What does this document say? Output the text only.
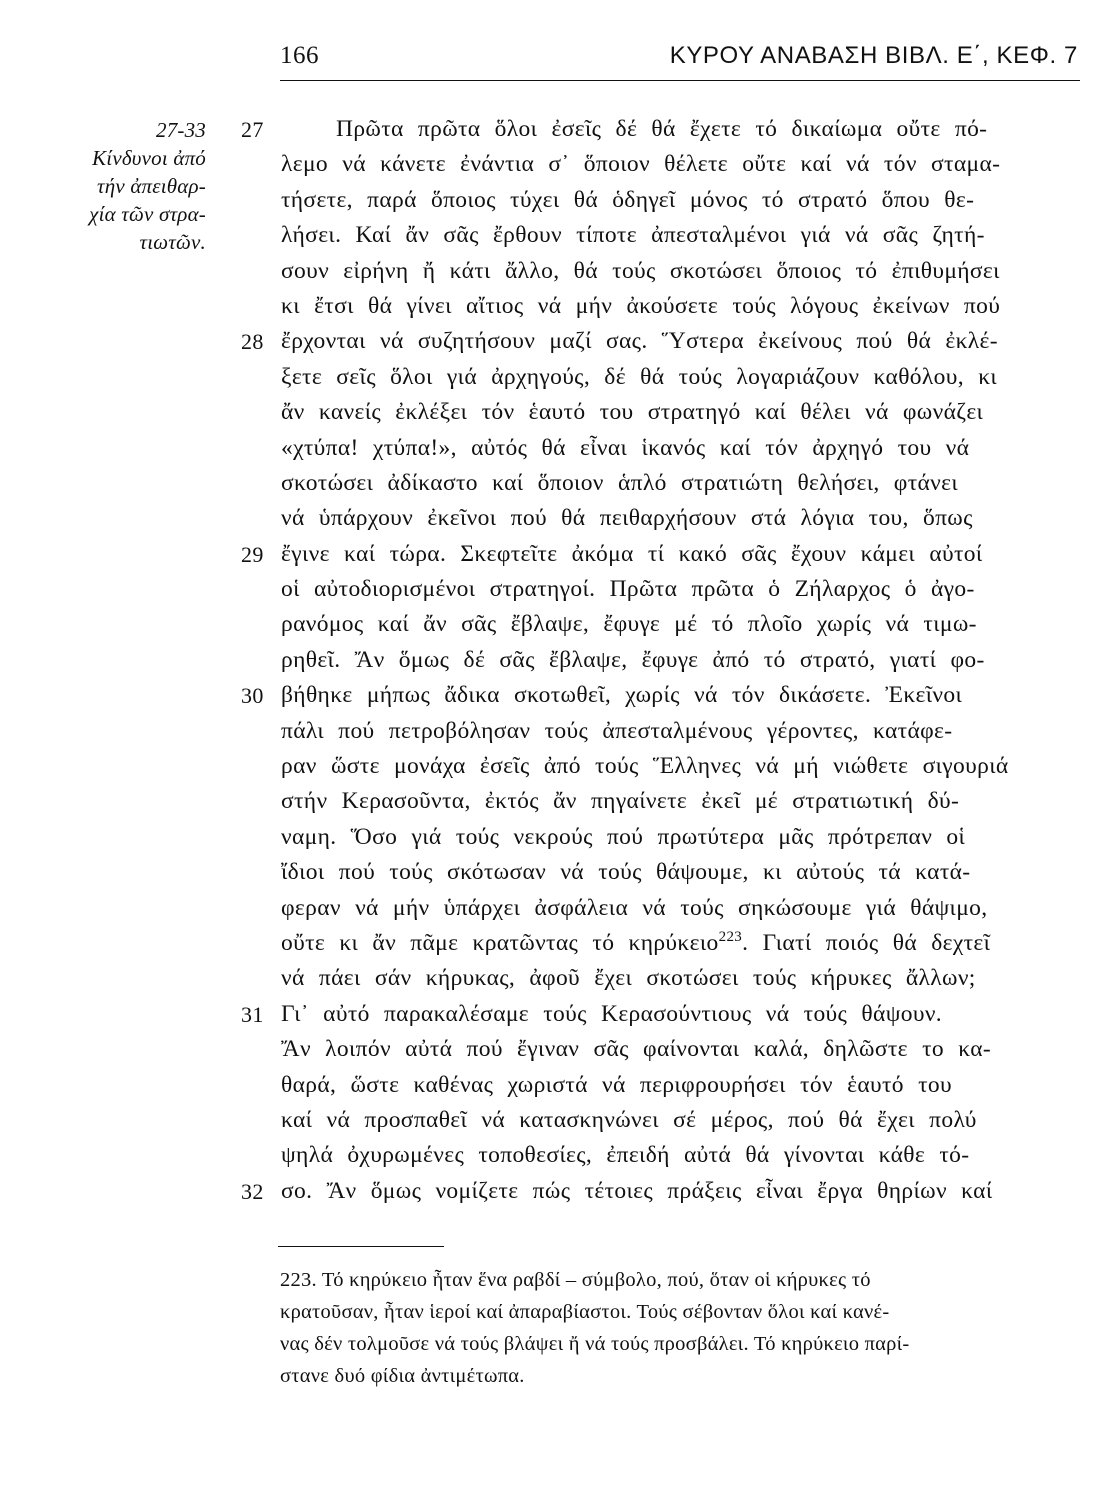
166	ΚΥΡΟΥ ΑΝΑΒΑΣΗ ΒΙΒΛ. Ε΄, ΚΕΦ. 7
27-33
Κίνδυνοι ἀπό
τήν ἀπειθαρ-
χία τῶν στρα-
τιωτῶν.
27	Πρῶτα πρῶτα ὅλοι ἐσεῖς δέ θά ἔχετε τό δικαίωμα οὔτε πό-
λεμο νά κάνετε ἐνάντια σ᾿ ὅποιον θέλετε οὔτε καί νά τόν σταμα-
τήσετε, παρά ὅποιος τύχει θά ὁδηγεῖ μόνος τό στρατό ὅπου θε-
λήσει. Καί ἄν σᾶς ἔρθουν τίποτε ἀπεσταλμένοι γιά νά σᾶς ζητή-
σουν εἰρήνη ἤ κάτι ἄλλο, θά τούς σκοτώσει ὅποιος τό ἐπιθυμήσει
κι ἔτσι θά γίνει αἴτιος νά μήν ἀκούσετε τούς λόγους ἐκείνων πού
28 ἔρχονται νά συζητήσουν μαζί σας. Ὕστερα ἐκείνους πού θά ἐκλέ-
ξετε σεῖς ὅλοι γιά ἀρχηγούς, δέ θά τούς λογαριάζουν καθόλου, κι
ἄν κανείς ἐκλέξει τόν ἑαυτό του στρατηγό καί θέλει νά φωνάζει
«χτύπα! χτύπα!», αὐτός θά εἶναι ἱκανός καί τόν ἀρχηγό του νά
σκοτώσει ἀδίκαστο καί ὅποιον ἁπλό στρατιώτη θελήσει, φτάνει
νά ὑπάρχουν ἐκεῖνοι πού θά πειθαρχήσουν στά λόγια του, ὅπως
29 ἔγινε καί τώρα. Σκεφτεῖτε ἀκόμα τί κακό σᾶς ἔχουν κάμει αὐτοί
οἱ αὐτοδιορισμένοι στρατηγοί. Πρῶτα πρῶτα ὁ Ζήλαρχος ὁ ἀγο-
ρανόμος καί ἄν σᾶς ἔβλαψε, ἔφυγε μέ τό πλοῖο χωρίς νά τιμω-
ρηθεῖ. Ἄν ὅμως δέ σᾶς ἔβλαψε, ἔφυγε ἀπό τό στρατό, γιατί φο-
30 βήθηκε μήπως ἄδικα σκοτωθεῖ, χωρίς νά τόν δικάσετε. Ἐκεῖνοι
πάλι πού πετροβόλησαν τούς ἀπεσταλμένους γέροντες, κατάφε-
ραν ὥστε μονάχα ἐσεῖς ἀπό τούς Ἕλληνες νά μή νιώθετε σιγουριά
στήν Κερασοῦντα, ἐκτός ἄν πηγαίνετε ἐκεῖ μέ στρατιωτική δύ-
ναμη. Ὅσο γιά τούς νεκρούς πού πρωτύτερα μᾶς πρότρεπαν οἱ
ἴδιοι πού τούς σκότωσαν νά τούς θάψουμε, κι αὐτούς τά κατά-
φεραν νά μήν ὑπάρχει ἀσφάλεια νά τούς σηκώσουμε γιά θάψιμο,
οὔτε κι ἄν πᾶμε κρατῶντας τό κηρύκειο$^{223}$. Γιατί ποιός θά δεχτεῖ
νά πάει σάν κήρυκας, ἀφοῦ ἔχει σκοτώσει τούς κήρυκες ἄλλων;
31 Γι᾿ αὐτό παρακαλέσαμε τούς Κερασούντιους νά τούς θάψουν.
Ἄν λοιπόν αὐτά πού ἔγιναν σᾶς φαίνονται καλά, δηλῶστε το κα-
θαρά, ὥστε καθένας χωριστά νά περιφρουρήσει τόν ἑαυτό του
καί νά προσπαθεῖ νά κατασκηνώνει σέ μέρος, πού θά ἔχει πολύ
ψηλά ὀχυρωμένες τοποθεσίες, ἐπειδή αὐτά θά γίνονται κάθε τό-
32 σο. Ἄν ὅμως νομίζετε πώς τέτοιες πράξεις εἶναι ἔργα θηρίων καί
223. Τό κηρύκειο ἦταν ἕνα ραβδί – σύμβολο, πού, ὅταν οἱ κήρυκες τό
κρατοῦσαν, ἦταν ἱεροί καί ἀπαραβίαστοι. Τούς σέβονταν ὅλοι καί κανέ-
νας δέν τολμοῦσε νά τούς βλάψει ἤ νά τούς προσβάλει. Τό κηρύκειο παρί-
στανε δυό φίδια ἀντιμέτωπα.
